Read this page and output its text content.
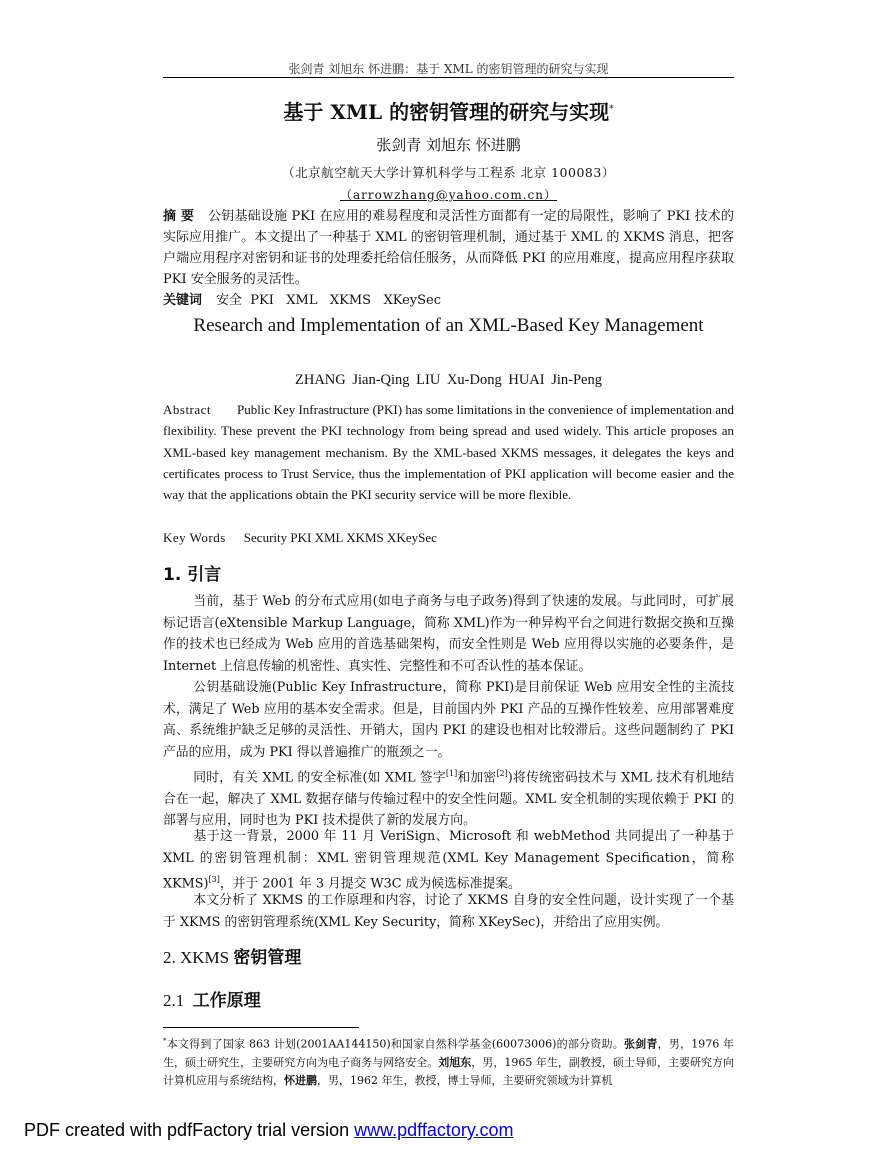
张剑青 刘旭东 怀进鹏：基于 XML 的密钥管理的研究与实现
基于 XML 的密钥管理的研究与实现*
张剑青 刘旭东 怀进鹏
（北京航空航天大学计算机科学与工程系 北京 100083）
（arrowzhang@yahoo.com.cn）
摘 要 公钥基础设施 PKI 在应用的难易程度和灵活性方面都有一定的局限性，影响了 PKI 技术的实际应用推广。本文提出了一种基于 XML 的密钥管理机制，通过基于 XML 的 XKMS 消息，把客户端应用程序对密钥和证书的处理委托给信任服务，从而降低 PKI 的应用难度，提高应用程序获取 PKI 安全服务的灵活性。
关键词 安全  PKI   XML   XKMS   XKeySec
Research and Implementation of an XML-Based Key Management
ZHANG Jian-Qing LIU Xu-Dong HUAI Jin-Peng
Abstract Public Key Infrastructure (PKI) has some limitations in the convenience of implementation and flexibility. These prevent the PKI technology from being spread and used widely. This article proposes an XML-based key management mechanism. By the XML-based XKMS messages, it delegates the keys and certificates process to Trust Service, thus the implementation of PKI application will become easier and the way that the applications obtain the PKI security service will be more flexible.
Key Words Security PKI XML XKMS XKeySec
1. 引言
当前，基于 Web 的分布式应用(如电子商务与电子政务)得到了快速的发展。与此同时，可扩展标记语言(eXtensible Markup Language，简称 XML)作为一种异构平台之间进行数据交换和互操作的技术也已经成为 Web 应用的首选基础架构，而安全性则是 Web 应用得以实施的必要条件，是 Internet 上信息传输的机密性、真实性、完整性和不可否认性的基本保证。
公钥基础设施(Public Key Infrastructure，简称 PKI)是目前保证 Web 应用安全性的主流技术，满足了 Web 应用的基本安全需求。但是，目前国内外 PKI 产品的互操作性较差、应用部署难度高、系统维护缺乏足够的灵活性、开销大，国内 PKI 的建设也相对比较滞后。这些问题制约了 PKI 产品的应用，成为 PKI 得以普遍推广的瓶颈之一。
同时，有关 XML 的安全标准(如 XML 签字[1]和加密[2])将传统密码技术与 XML 技术有机地结合在一起，解决了 XML 数据存储与传输过程中的安全性问题。XML 安全机制的实现依赖于 PKI 的部署与应用，同时也为 PKI 技术提供了新的发展方向。
基于这一背景，2000 年 11 月 VeriSign、Microsoft 和 webMethod 共同提出了一种基于 XML 的密钥管理机制：XML 密钥管理规范(XML Key Management Specification，简称 XKMS)[3]，并于 2001 年 3 月提交 W3C 成为候选标准提案。
本文分析了 XKMS 的工作原理和内容，讨论了 XKMS 自身的安全性问题，设计实现了一个基于 XKMS 的密钥管理系统(XML Key Security，简称 XKeySec)，并给出了应用实例。
2. XKMS 密钥管理
2.1 工作原理
*本文得到了国家 863 计划(2001AA144150)和国家自然科学基金(60073006)的部分资助。张剑青，男，1976 年生，硕士研究生，主要研究方向为电子商务与网络安全。刘旭东，男，1965 年生，副教授，硕士导师，主要研究方向计算机应用与系统结构，怀进鹏，男，1962 年生，教授，博士导师，主要研究领域为计算机
PDF created with pdfFactory trial version www.pdffactory.com
